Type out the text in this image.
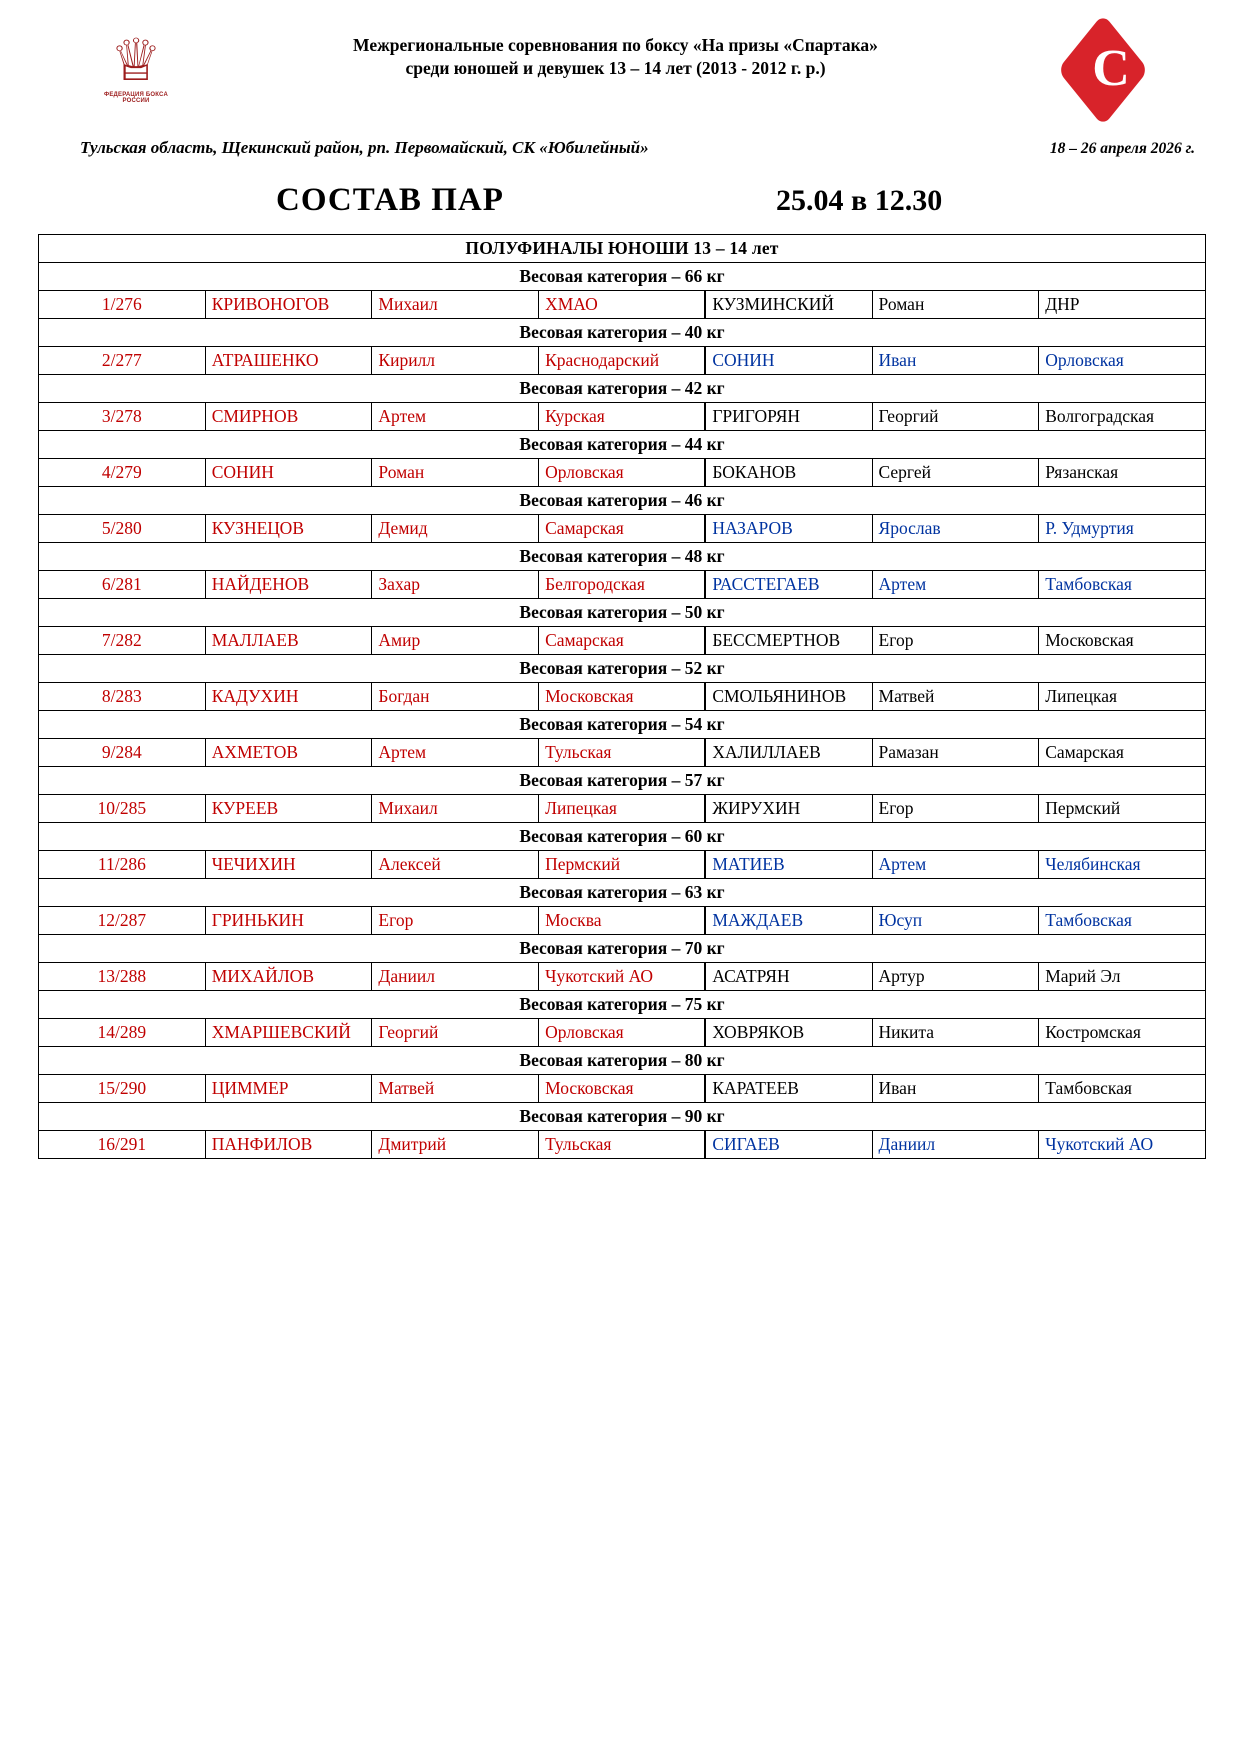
♕
ФЕДЕРАЦИЯ БОКСА РОССИИ
Межрегиональные соревнования по боксу «На призы «Спартака»
среди юношей и девушек 13 – 14 лет (2013 - 2012 г. р.)	C
Тульская область, Щекинский район, рп. Первомайский, СК «Юбилейный»	18 – 26 апреля 2026 г.
СОСТАВ ПАР	25.04 в 12.30
ПОЛУФИНАЛЫ ЮНОШИ 13 – 14 лет						
Весовая категория – 66 кг						
1/276	КРИВОНОГОВ	Михаил	ХМАО	КУЗМИНСКИЙ	Роман	ДНР
Весовая категория – 40 кг						
2/277	АТРАШЕНКО	Кирилл	Краснодарский	СОНИН	Иван	Орловская
Весовая категория – 42 кг						
3/278	СМИРНОВ	Артем	Курская	ГРИГОРЯН	Георгий	Волгоградская
Весовая категория – 44 кг						
4/279	СОНИН	Роман	Орловская	БОКАНОВ	Сергей	Рязанская
Весовая категория – 46 кг						
5/280	КУЗНЕЦОВ	Демид	Самарская	НАЗАРОВ	Ярослав	Р. Удмуртия
Весовая категория – 48 кг						
6/281	НАЙДЕНОВ	Захар	Белгородская	РАССТЕГАЕВ	Артем	Тамбовская
Весовая категория – 50 кг						
7/282	МАЛЛАЕВ	Амир	Самарская	БЕССМЕРТНОВ	Егор	Московская
Весовая категория – 52 кг						
8/283	КАДУХИН	Богдан	Московская	СМОЛЬЯНИНОВ	Матвей	Липецкая
Весовая категория – 54 кг						
9/284	АХМЕТОВ	Артем	Тульская	ХАЛИЛЛАЕВ	Рамазан	Самарская
Весовая категория – 57 кг						
10/285	КУРЕЕВ	Михаил	Липецкая	ЖИРУХИН	Егор	Пермский
Весовая категория – 60 кг						
11/286	ЧЕЧИХИН	Алексей	Пермский	МАТИЕВ	Артем	Челябинская
Весовая категория – 63 кг						
12/287	ГРИНЬКИН	Егор	Москва	МАЖДАЕВ	Юсуп	Тамбовская
Весовая категория – 70 кг						
13/288	МИХАЙЛОВ	Даниил	Чукотский АО	АСАТРЯН	Артур	Марий Эл
Весовая категория – 75 кг						
14/289	ХМАРШЕВСКИЙ	Георгий	Орловская	ХОВРЯКОВ	Никита	Костромская
Весовая категория – 80 кг						
15/290	ЦИММЕР	Матвей	Московская	КАРАТЕЕВ	Иван	Тамбовская
Весовая категория – 90 кг						
16/291	ПАНФИЛОВ	Дмитрий	Тульская	СИГАЕВ	Даниил	Чукотский АО
